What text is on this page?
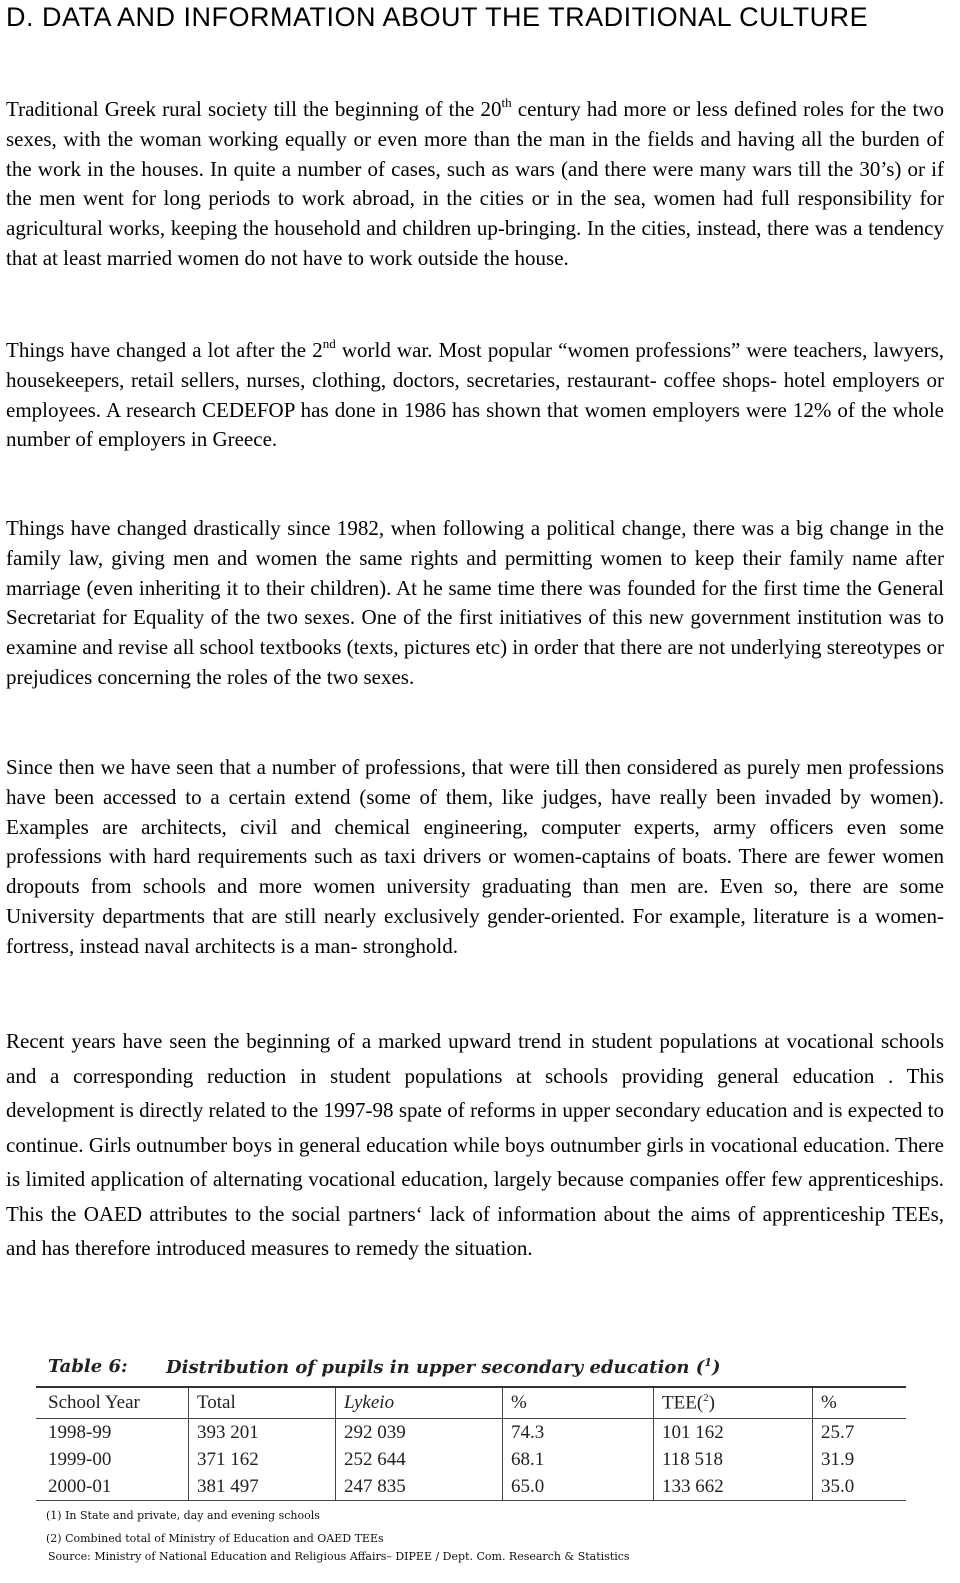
D. DATA AND INFORMATION ABOUT THE TRADITIONAL CULTURE

Traditional Greek rural society till the beginning of the 20th century had more or less defined roles for the two sexes, with the woman working equally or even more than the man in the fields and having all the burden of the work in the houses. In quite a number of cases, such as wars (and there were many wars till the 30’s) or if the men went for long periods to work abroad, in the cities or in the sea, women had full responsibility for agricultural works, keeping the household and children up-bringing. In the cities, instead, there was a tendency that at least married women do not have to work outside the house.

Things have changed a lot after the 2nd world war. Most popular “women professions” were teachers, lawyers, housekeepers, retail sellers, nurses, clothing, doctors, secretaries, restaurant- coffee shops- hotel employers or employees. A research CEDEFOP has done in 1986 has shown that women employers were 12% of the whole number of employers in Greece.

Things have changed drastically since 1982, when following a political change, there was a big change in the family law, giving men and women the same rights and permitting women to keep their family name after marriage (even inheriting it to their children). At he same time there was founded for the first time the General Secretariat for Equality of the two sexes. One of the first initiatives of this new government institution was to examine and revise all school textbooks (texts, pictures etc) in order that there are not underlying stereotypes or prejudices concerning the roles of the two sexes.

Since then we have seen that a number of professions, that were till then considered as purely men professions have been accessed to a certain extend (some of them, like judges, have really been invaded by women). Examples are architects, civil and chemical engineering, computer experts, army officers even some professions with hard requirements such as taxi drivers or women-captains of boats. There are fewer women dropouts from schools and more women university graduating than men are. Even so, there are some University departments that are still nearly exclusively gender-oriented. For example, literature is a women- fortress, instead naval architects is a man- stronghold.

Recent years have seen the beginning of a marked upward trend in student populations at vocational schools and a corresponding reduction in student populations at schools providing general education . This development is directly related to the 1997-98 spate of reforms in upper secondary education and is expected to continue. Girls outnumber boys in general education while boys outnumber girls in vocational education. There is limited application of alternating vocational education, largely because companies offer few apprenticeships. This the OAED attributes to the social partners‘ lack of information about the aims of apprenticeship TEEs, and has therefore introduced measures to remedy the situation.

Table 6: Distribution of pupils in upper secondary education ($^1$)
School Year	Total	Lykeio	%	TEE($^2$)	%
1998-99	393 201	292 039	74.3	101 162	25.7
1999-00	371 162	252 644	68.1	118 518	31.9
2000-01	381 497	247 835	65.0	133 662	35.0
(1) In State and private, day and evening schools
(2) Combined total of Ministry of Education and OAED TEEs
Source: Ministry of National Education and Religious Affairs– DIPEE / Dept. Com. Research & Statistics
